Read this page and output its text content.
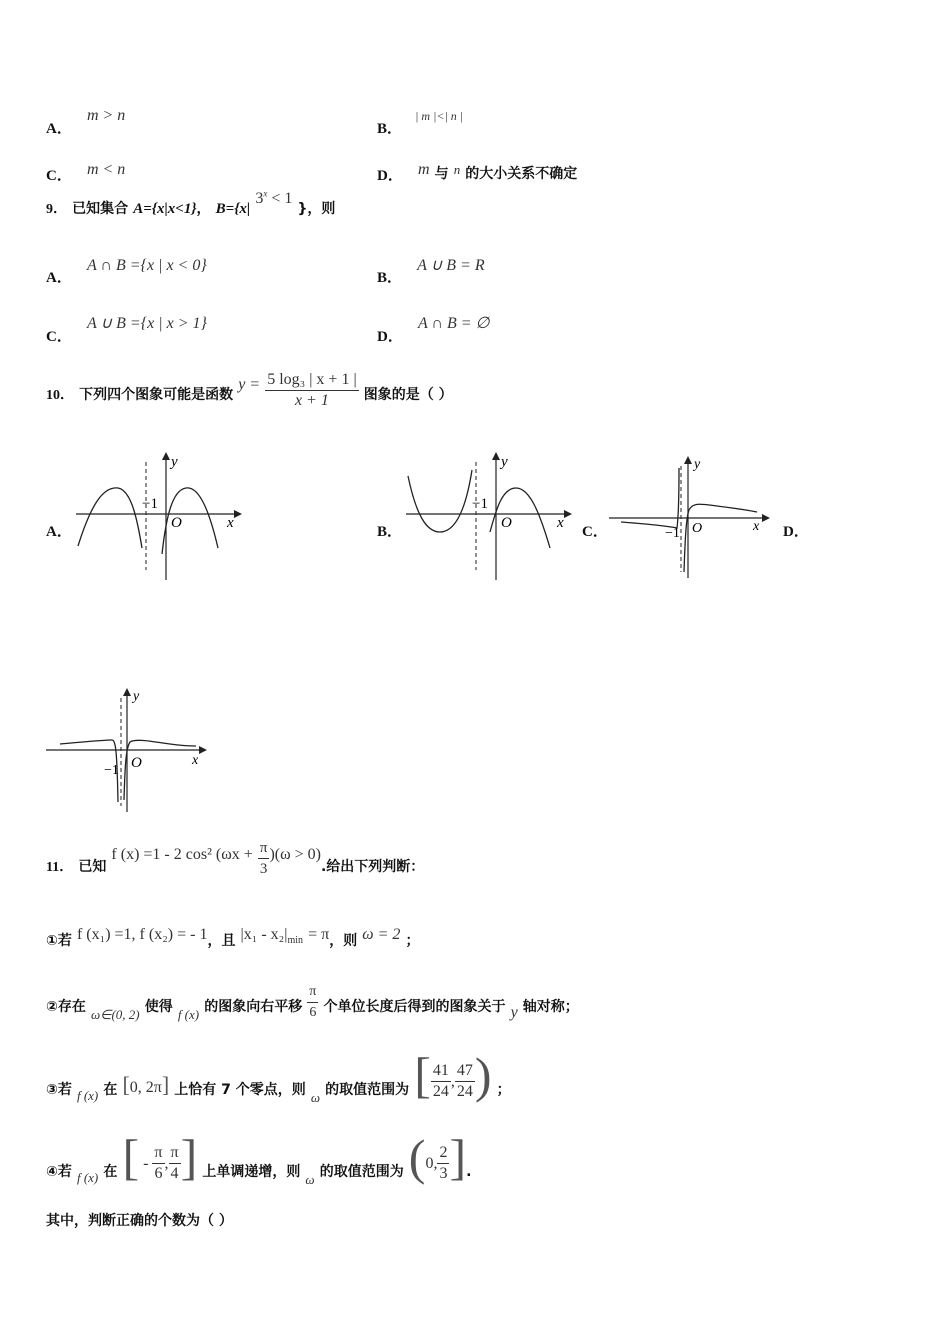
A． m > n
B． | m |<| n |
C． m < n	D． m 与 n 的大小关系不确定
9． 已知集合 A={x|x<1}， B={x| $3^x < 1$ }，则
A． A ∩ B ={x | x < 0}
B． A ∪ B = R
C． A ∪ B ={x | x > 1}
D． A ∩ B = ∅
10． 下列四个图象可能是函数 $y = \frac{\text{5 log₃ | x + 1 |}}{x + 1}$ 图象的是（ ）
A．	B．	C．	D．
−1
O	x
y
−1
O	x
y
−1 O	x
y
−1 O	x
y
11． 已知 f (x) =1 - 2 cos² $(\omega x + \frac{\pi}{3} )(\omega > 0)$.给出下列判断：
①若 f (x₁) =1, f (x₂) = - 1，且 $|x_1 - x_2|_{min} = \pi$，则 ω = 2 ；
②存在 $_{\omega\in(0, 2)}$ 使得 $_{f (x)}$ 的图象向右平移 $\frac{\pi}{6}$ 个单位长度后得到的图象关于 y 轴对称；
③若 $_{f (x)}$ 在 [0, 2π] 上恰有 7 个零点，则 $_\omega$ 的取值范围为 [ $\frac{41}{24}$ , $\frac{47}{24}$ ) ；
④若 $_{f (x)}$ 在 [ - $\frac{\pi}{6}$ , $\frac{\pi}{4}$ ] 上单调递增，则 $_\omega$ 的取值范围为 (0, $\frac{2}{3}$ ].
其中，判断正确的个数为（ ）
